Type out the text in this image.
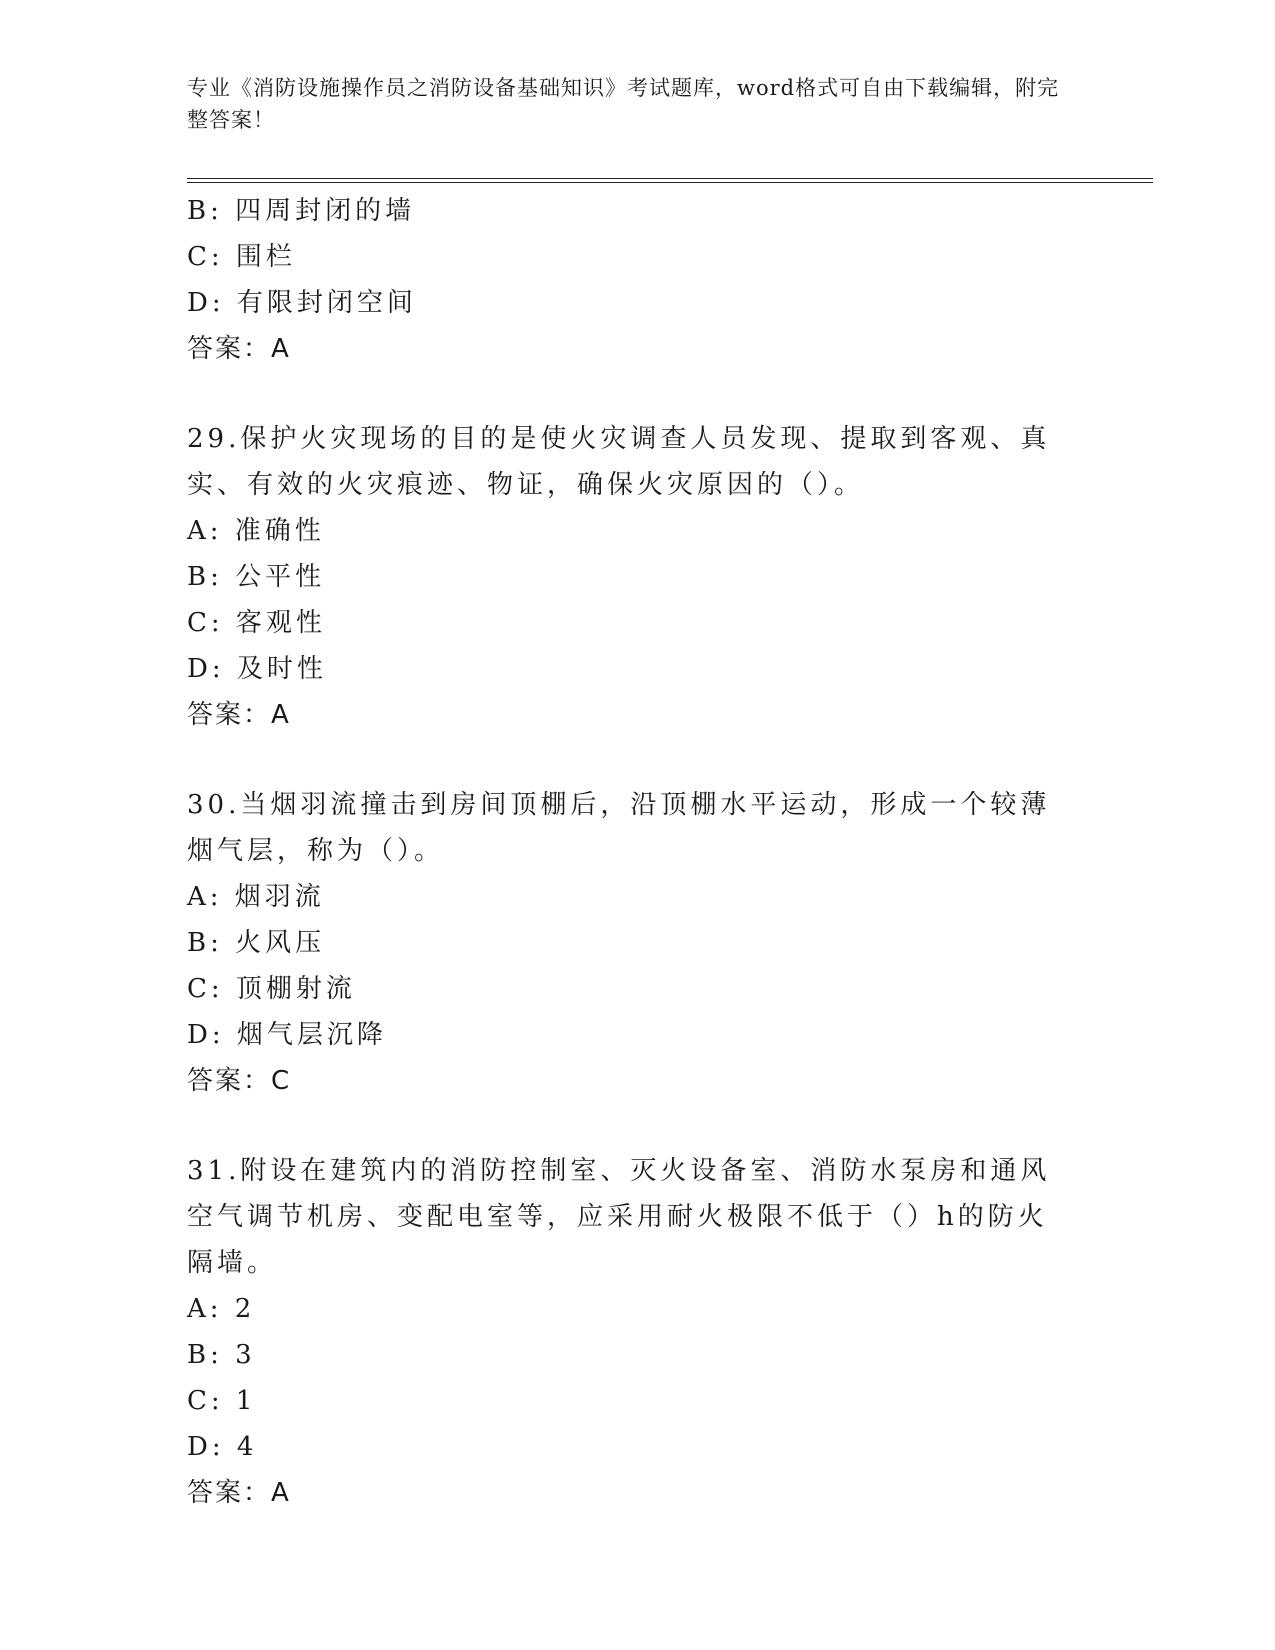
专业《消防设施操作员之消防设备基础知识》考试题库，word格式可自由下载编辑，附完整答案！
B: 四周封闭的墙
C: 围栏
D: 有限封闭空间
答案：A
29.保护火灾现场的目的是使火灾调查人员发现、提取到客观、真实、有效的火灾痕迹、物证，确保火灾原因的（）。
A: 准确性
B: 公平性
C: 客观性
D: 及时性
答案：A
30.当烟羽流撞击到房间顶棚后，沿顶棚水平运动，形成一个较薄烟气层，称为（）。
A: 烟羽流
B: 火风压
C: 顶棚射流
D: 烟气层沉降
答案：C
31.附设在建筑内的消防控制室、灭火设备室、消防水泵房和通风空气调节机房、变配电室等，应采用耐火极限不低于（）h的防火隔墙。
A: 2
B: 3
C: 1
D: 4
答案：A
